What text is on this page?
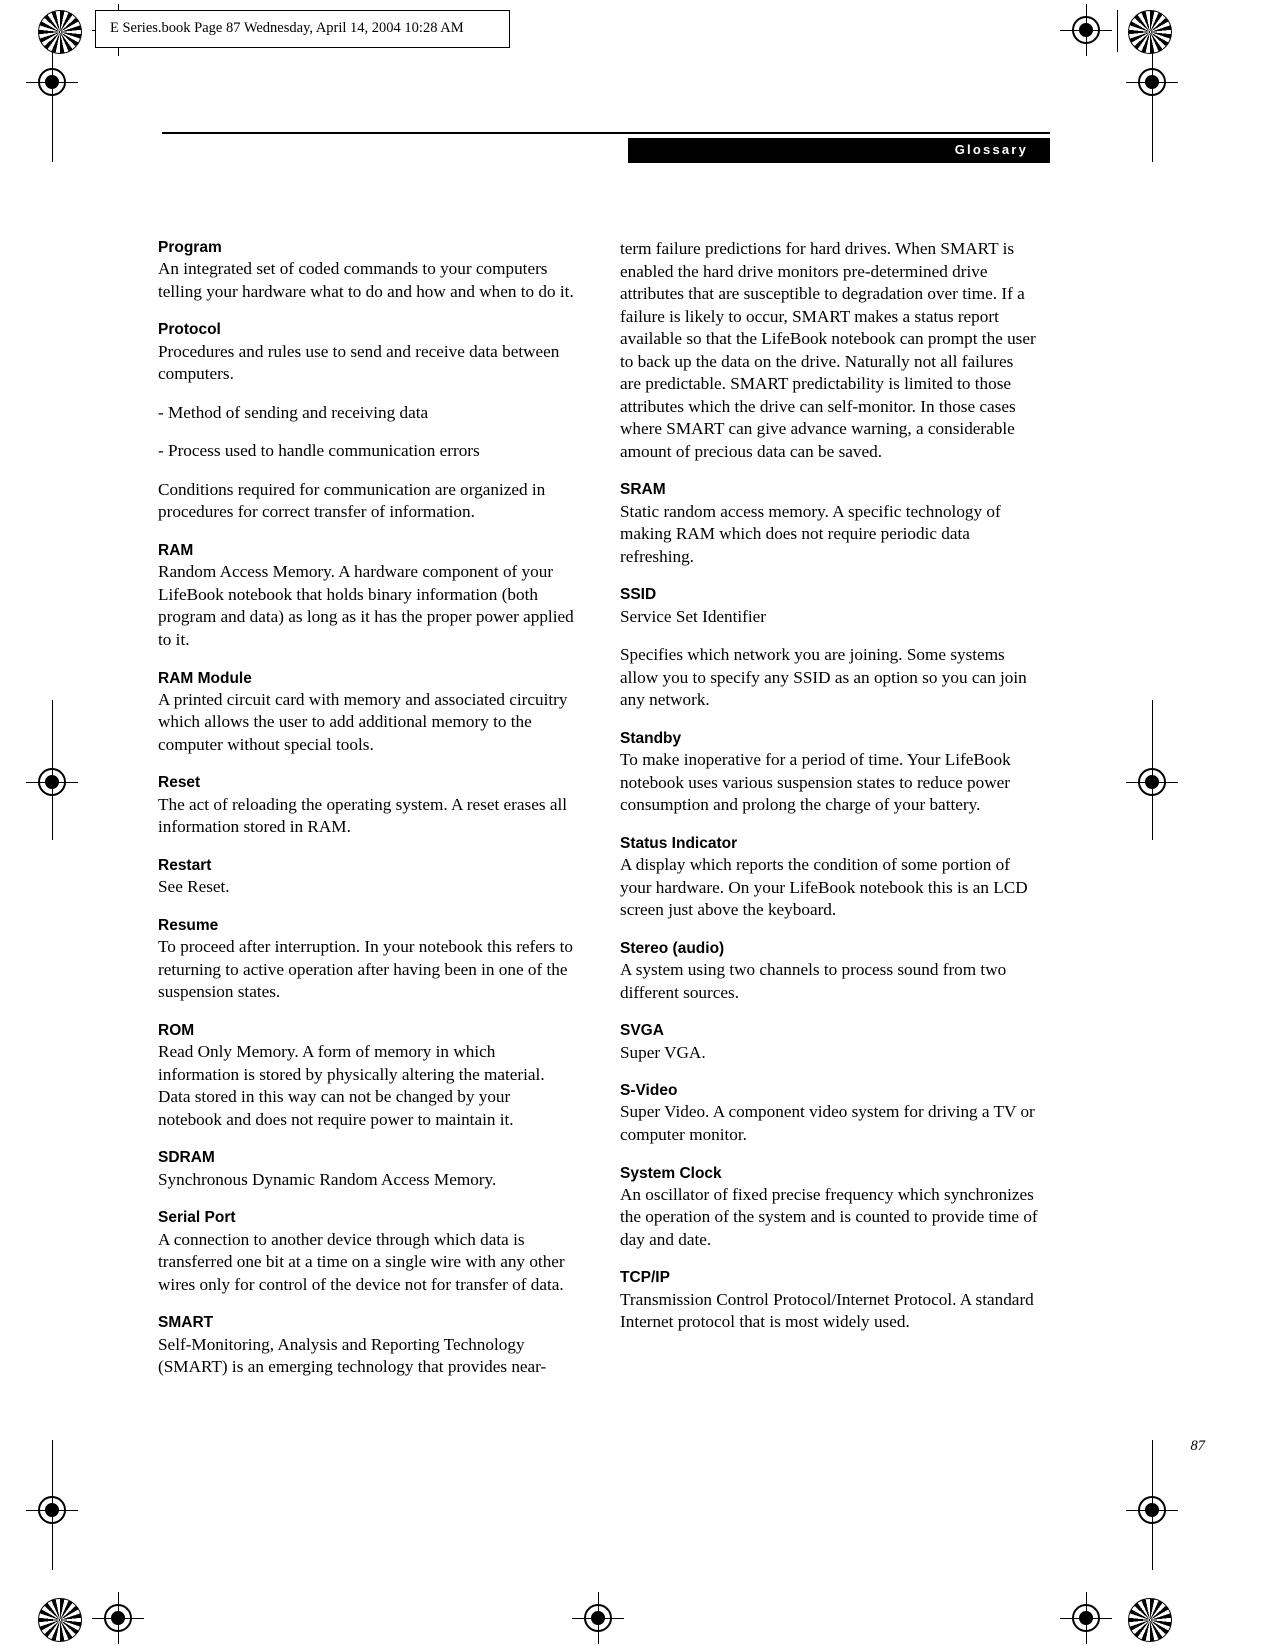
E Series.book Page 87 Wednesday, April 14, 2004 10:28 AM
Glossary
Program
An integrated set of coded commands to your computers telling your hardware what to do and how and when to do it.
Protocol
Procedures and rules use to send and receive data between computers.
- Method of sending and receiving data
- Process used to handle communication errors
Conditions required for communication are organized in procedures for correct transfer of information.
RAM
Random Access Memory. A hardware component of your LifeBook notebook that holds binary information (both program and data) as long as it has the proper power applied to it.
RAM Module
A printed circuit card with memory and associated circuitry which allows the user to add additional memory to the computer without special tools.
Reset
The act of reloading the operating system. A reset erases all information stored in RAM.
Restart
See Reset.
Resume
To proceed after interruption. In your notebook this refers to returning to active operation after having been in one of the suspension states.
ROM
Read Only Memory. A form of memory in which information is stored by physically altering the material. Data stored in this way can not be changed by your notebook and does not require power to maintain it.
SDRAM
Synchronous Dynamic Random Access Memory.
Serial Port
A connection to another device through which data is transferred one bit at a time on a single wire with any other wires only for control of the device not for transfer of data.
SMART
Self-Monitoring, Analysis and Reporting Technology (SMART) is an emerging technology that provides near-
term failure predictions for hard drives. When SMART is enabled the hard drive monitors pre-determined drive attributes that are susceptible to degradation over time. If a failure is likely to occur, SMART makes a status report available so that the LifeBook notebook can prompt the user to back up the data on the drive. Naturally not all failures are predictable. SMART predictability is limited to those attributes which the drive can self-monitor. In those cases where SMART can give advance warning, a considerable amount of precious data can be saved.
SRAM
Static random access memory. A specific technology of making RAM which does not require periodic data refreshing.
SSID
Service Set Identifier
Specifies which network you are joining. Some systems allow you to specify any SSID as an option so you can join any network.
Standby
To make inoperative for a period of time. Your LifeBook notebook uses various suspension states to reduce power consumption and prolong the charge of your battery.
Status Indicator
A display which reports the condition of some portion of your hardware. On your LifeBook notebook this is an LCD screen just above the keyboard.
Stereo (audio)
A system using two channels to process sound from two different sources.
SVGA
Super VGA.
S-Video
Super Video. A component video system for driving a TV or computer monitor.
System Clock
An oscillator of fixed precise frequency which synchronizes the operation of the system and is counted to provide time of day and date.
TCP/IP
Transmission Control Protocol/Internet Protocol. A standard Internet protocol that is most widely used.
87
